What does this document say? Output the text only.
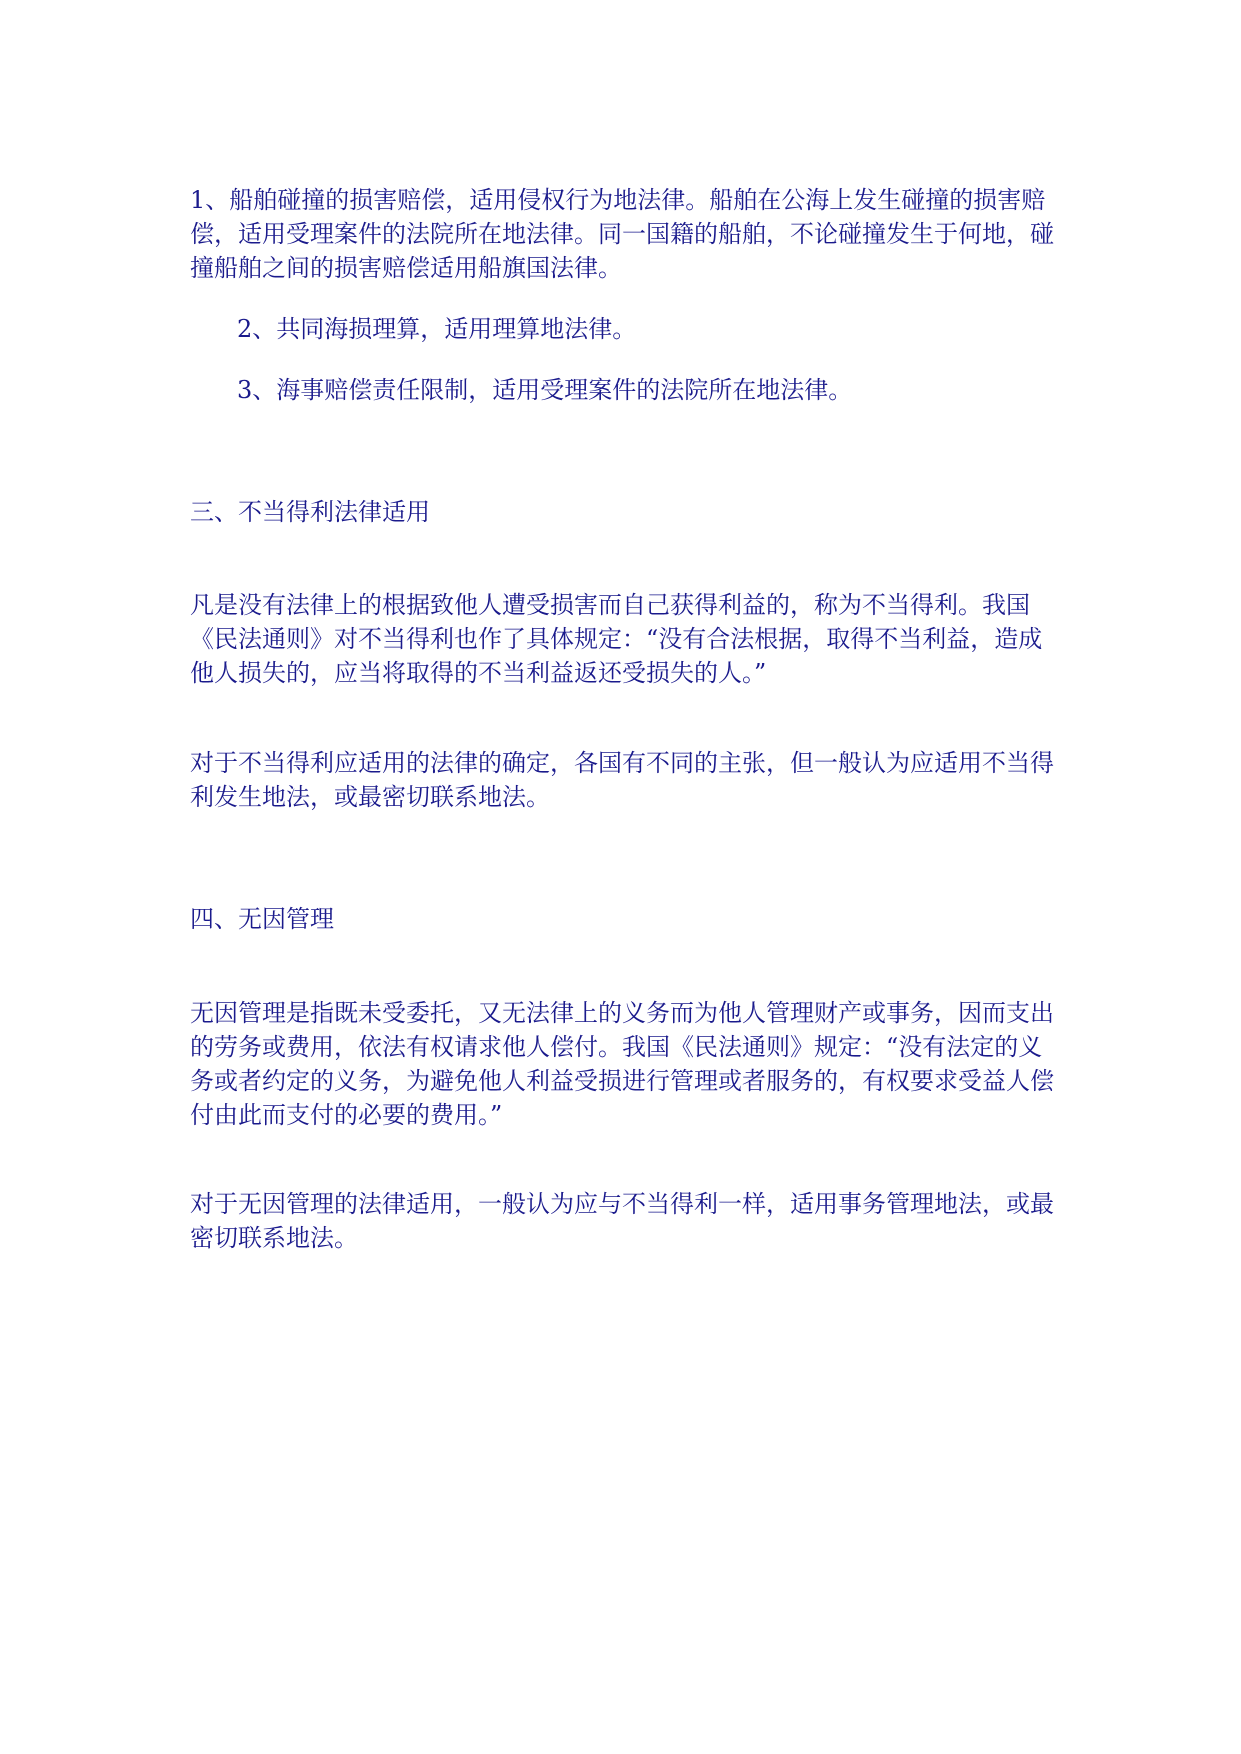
1、船舶碰撞的损害赔偿，适用侵权行为地法律。船舶在公海上发生碰撞的损害赔偿，适用受理案件的法院所在地法律。同一国籍的船舶，不论碰撞发生于何地，碰撞船舶之间的损害赔偿适用船旗国法律。

2、共同海损理算，适用理算地法律。

3、海事赔偿责任限制，适用受理案件的法院所在地法律。

三、不当得利法律适用

凡是没有法律上的根据致他人遭受损害而自己获得利益的，称为不当得利。我国《民法通则》对不当得利也作了具体规定：“没有合法根据，取得不当利益，造成他人损失的，应当将取得的不当利益返还受损失的人。”

对于不当得利应适用的法律的确定，各国有不同的主张，但一般认为应适用不当得利发生地法，或最密切联系地法。

四、无因管理

无因管理是指既未受委托，又无法律上的义务而为他人管理财产或事务，因而支出的劳务或费用，依法有权请求他人偿付。我国《民法通则》规定：“没有法定的义务或者约定的义务，为避免他人利益受损进行管理或者服务的，有权要求受益人偿付由此而支付的必要的费用。”

对于无因管理的法律适用，一般认为应与不当得利一样，适用事务管理地法，或最密切联系地法。
